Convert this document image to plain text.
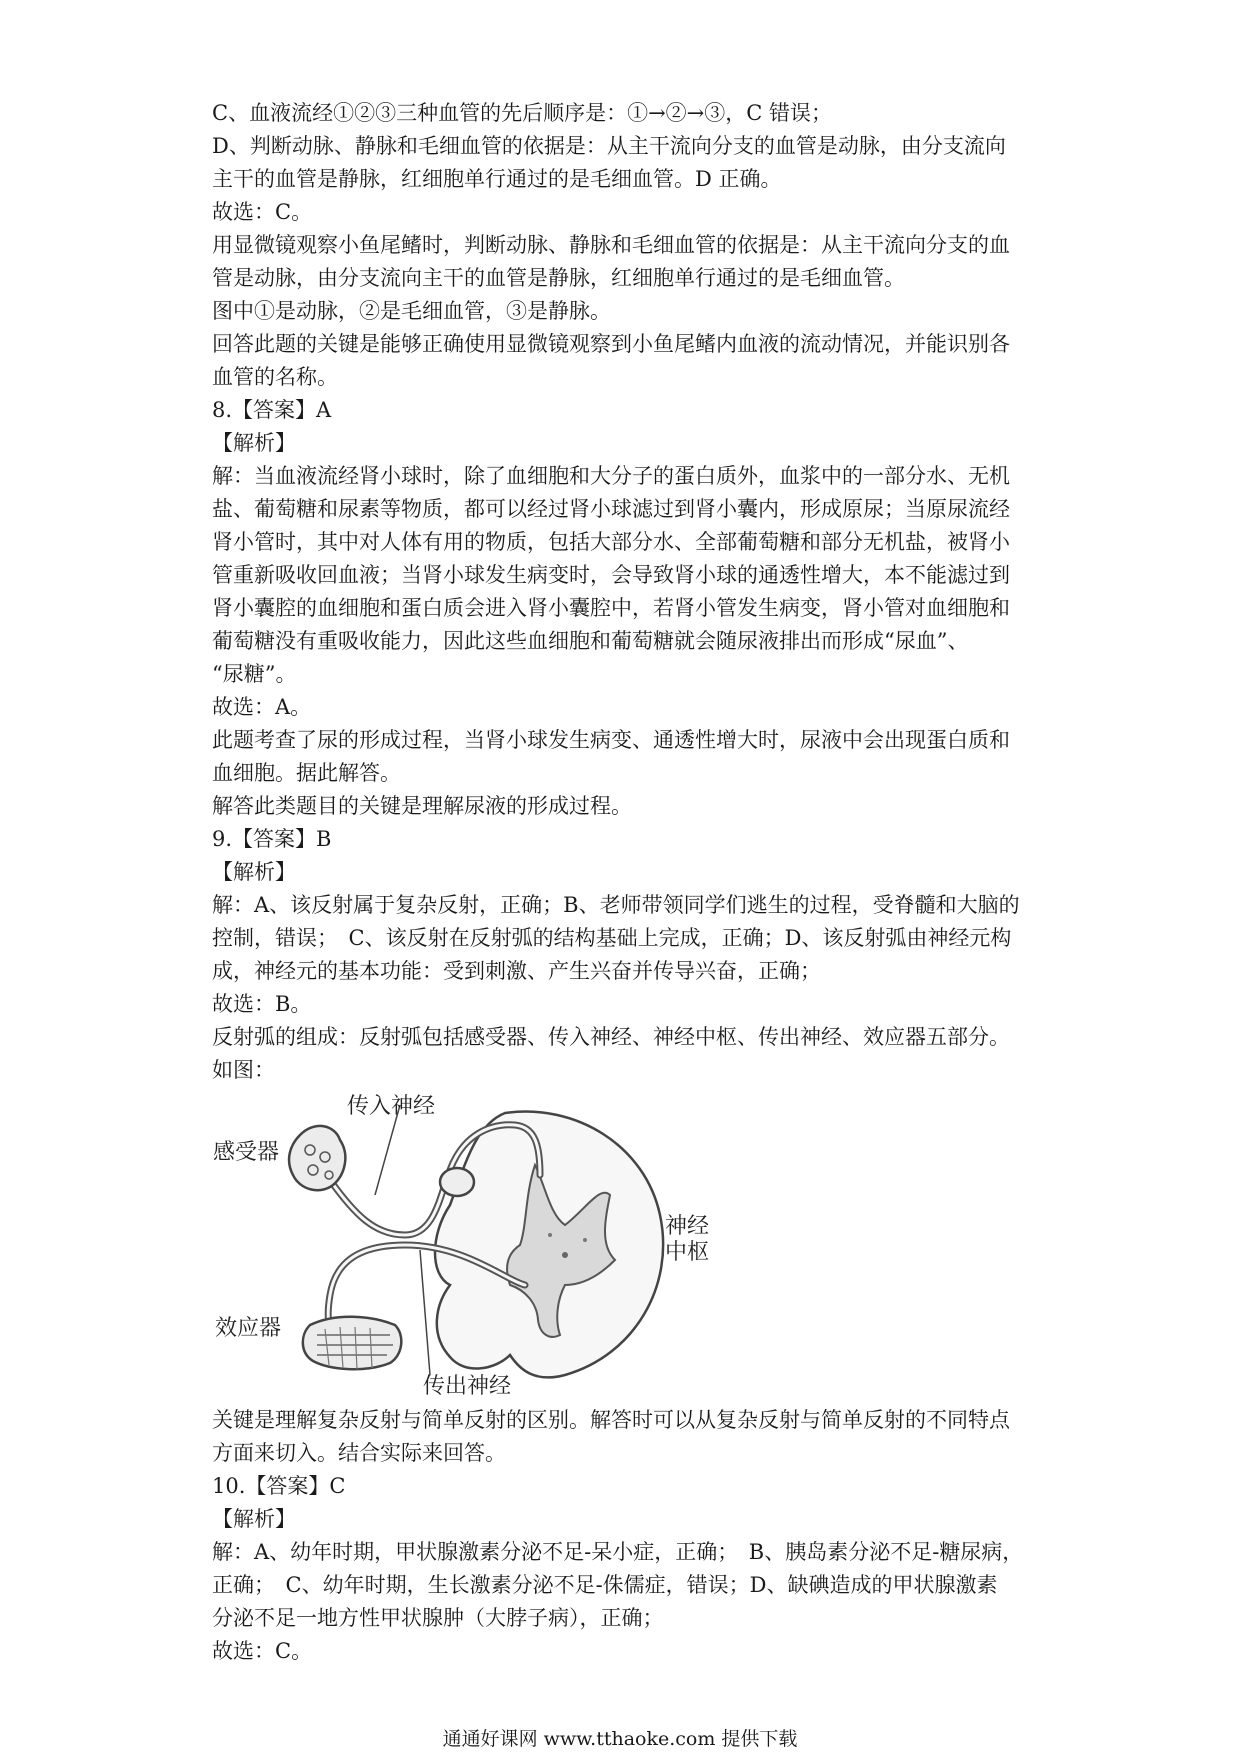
C、血液流经①②③三种血管的先后顺序是：①→②→③，C 错误；
D、判断动脉、静脉和毛细血管的依据是：从主干流向分支的血管是动脉，由分支流向
主干的血管是静脉，红细胞单行通过的是毛细血管。D 正确。
故选：C。
用显微镜观察小鱼尾鳍时，判断动脉、静脉和毛细血管的依据是：从主干流向分支的血
管是动脉，由分支流向主干的血管是静脉，红细胞单行通过的是毛细血管。
图中①是动脉，②是毛细血管，③是静脉。
回答此题的关键是能够正确使用显微镜观察到小鱼尾鳍内血液的流动情况，并能识别各
血管的名称。
8.【答案】A
【解析】
解：当血液流经肾小球时，除了血细胞和大分子的蛋白质外，血浆中的一部分水、无机
盐、葡萄糖和尿素等物质，都可以经过肾小球滤过到肾小囊内，形成原尿；当原尿流经
肾小管时，其中对人体有用的物质，包括大部分水、全部葡萄糖和部分无机盐，被肾小
管重新吸收回血液；当肾小球发生病变时，会导致肾小球的通透性增大，本不能滤过到
肾小囊腔的血细胞和蛋白质会进入肾小囊腔中，若肾小管发生病变，肾小管对血细胞和
葡萄糖没有重吸收能力，因此这些血细胞和葡萄糖就会随尿液排出而形成“尿血”、
“尿糖”。
故选：A。
此题考查了尿的形成过程，当肾小球发生病变、通透性增大时，尿液中会出现蛋白质和
血细胞。据此解答。
解答此类题目的关键是理解尿液的形成过程。
9.【答案】B
【解析】
解：A、该反射属于复杂反射，正确；B、老师带领同学们逃生的过程，受脊髓和大脑的
控制，错误；　C、该反射在反射弧的结构基础上完成，正确；D、该反射弧由神经元构
成，神经元的基本功能：受到刺激、产生兴奋并传导兴奋，正确；
故选：B。
反射弧的组成：反射弧包括感受器、传入神经、神经中枢、传出神经、效应器五部分。
如图：
传入神经
感受器
神经
中枢
效应器
传出神经
关键是理解复杂反射与简单反射的区别。解答时可以从复杂反射与简单反射的不同特点
方面来切入。结合实际来回答。
10.【答案】C
【解析】
解：A、幼年时期，甲状腺激素分泌不足-呆小症，正确；　B、胰岛素分泌不足-糖尿病，
正确；　C、幼年时期，生长激素分泌不足-侏儒症，错误；D、缺碘造成的甲状腺激素
分泌不足一地方性甲状腺肿（大脖子病），正确；
故选：C。
通通好课网 www.tthaoke.com 提供下载
